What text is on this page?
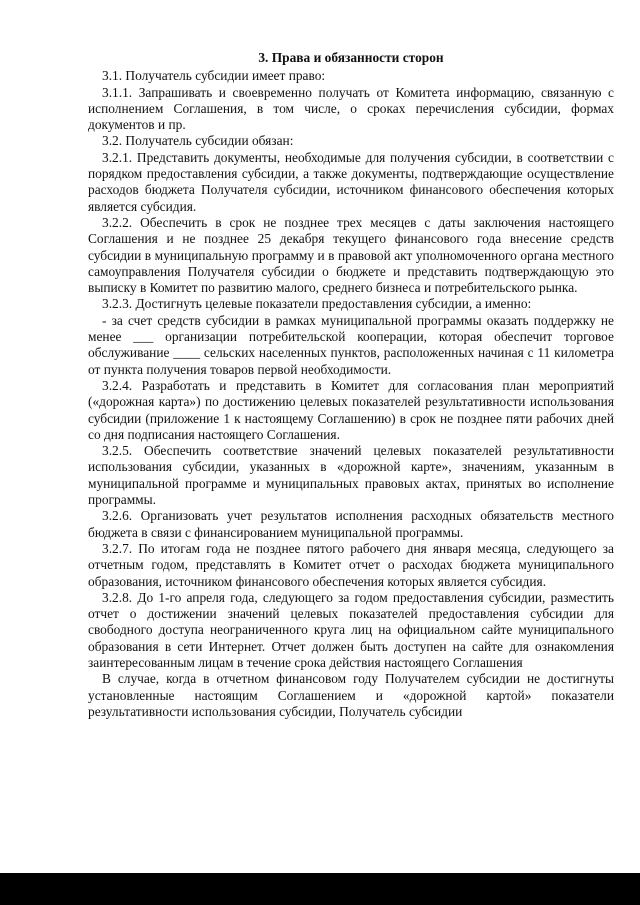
3. Права и обязанности сторон

3.1. Получатель субсидии имеет право:

3.1.1. Запрашивать и своевременно получать от Комитета информацию, связанную с исполнением Соглашения, в том числе, о сроках перечисления субсидии, формах документов и пр.

3.2. Получатель субсидии обязан:

3.2.1. Представить документы, необходимые для получения субсидии, в соответствии с порядком предоставления субсидии, а также документы, подтверждающие осуществление расходов бюджета Получателя субсидии, источником финансового обеспечения которых является субсидия.

3.2.2. Обеспечить в срок не позднее трех месяцев с даты заключения настоящего Соглашения и не позднее 25 декабря текущего финансового года внесение средств субсидии в муниципальную программу и в правовой акт уполномоченного органа местного самоуправления Получателя субсидии о бюджете и представить подтверждающую это выписку в Комитет по развитию малого, среднего бизнеса и потребительского рынка.

3.2.3. Достигнуть целевые показатели предоставления субсидии, а именно:

- за счет средств субсидии в рамках муниципальной программы оказать поддержку не менее ___ организации потребительской кооперации, которая обеспечит торговое обслуживание ____ сельских населенных пунктов, расположенных начиная с 11 километра от пункта получения товаров первой необходимости.

3.2.4. Разработать и представить в Комитет для согласования план мероприятий («дорожная карта») по достижению целевых показателей результативности использования субсидии (приложение 1 к настоящему Соглашению) в срок не позднее пяти рабочих дней со дня подписания настоящего Соглашения.

3.2.5. Обеспечить соответствие значений целевых показателей результативности использования субсидии, указанных в «дорожной карте», значениям, указанным в муниципальной программе и муниципальных правовых актах, принятых во исполнение программы.

3.2.6. Организовать учет результатов исполнения расходных обязательств местного бюджета в связи с финансированием муниципальной программы.

3.2.7. По итогам года не позднее пятого рабочего дня января месяца, следующего за отчетным годом, представлять в Комитет отчет о расходах бюджета муниципального образования, источником финансового обеспечения которых является субсидия.

3.2.8. До 1-го апреля года, следующего за годом предоставления субсидии, разместить отчет о достижении значений целевых показателей предоставления субсидии для свободного доступа неограниченного круга лиц на официальном сайте муниципального образования в сети Интернет. Отчет должен быть доступен на сайте для ознакомления заинтересованным лицам в течение срока действия настоящего Соглашения

В случае, когда в отчетном финансовом году Получателем субсидии не достигнуты установленные настоящим Соглашением и «дорожной картой» показатели результативности использования субсидии, Получатель субсидии
